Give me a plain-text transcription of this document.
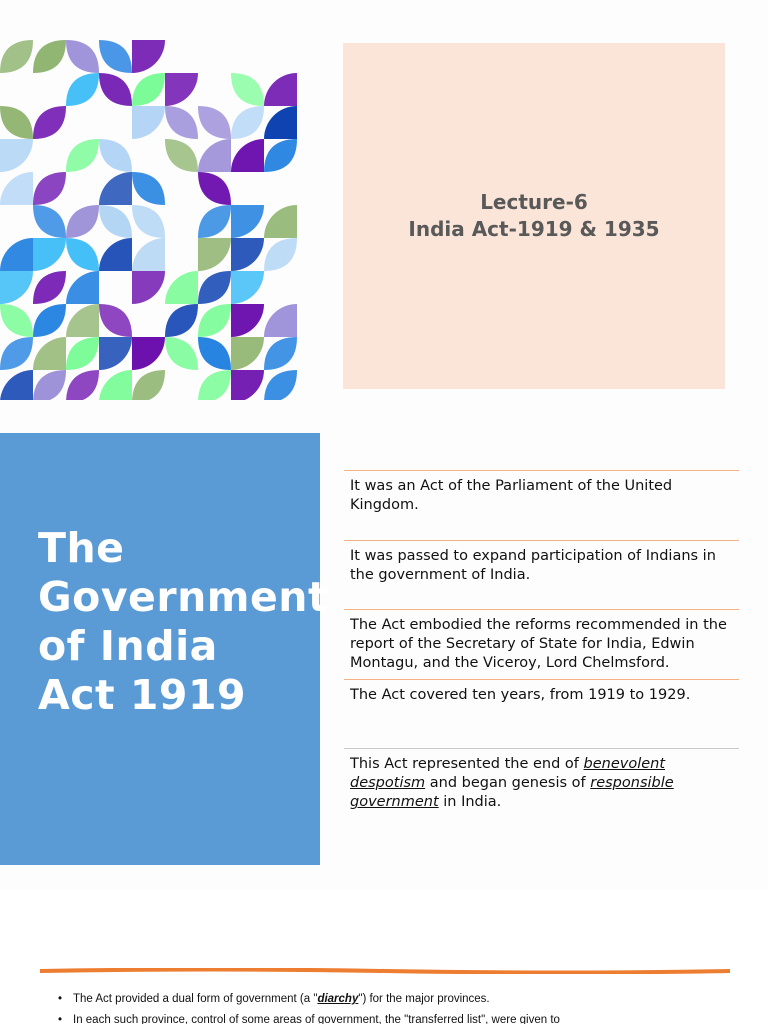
Lecture-6
India Act-1919 & 1935
The Government of India Act 1919
It was an Act of the Parliament of the United Kingdom.
It was passed to expand participation of Indians in the government of India.
The Act embodied the reforms recommended in the report of the Secretary of State for India, Edwin Montagu, and the Viceroy, Lord Chelmsford.
The Act covered ten years, from 1919 to 1929.
This Act represented the end of benevolent despotism and began genesis of responsible government in India.
• The Act provided a dual form of government (a "diarchy") for the major provinces.
• In each such province, control of some areas of government, the "transferred list", were given to
